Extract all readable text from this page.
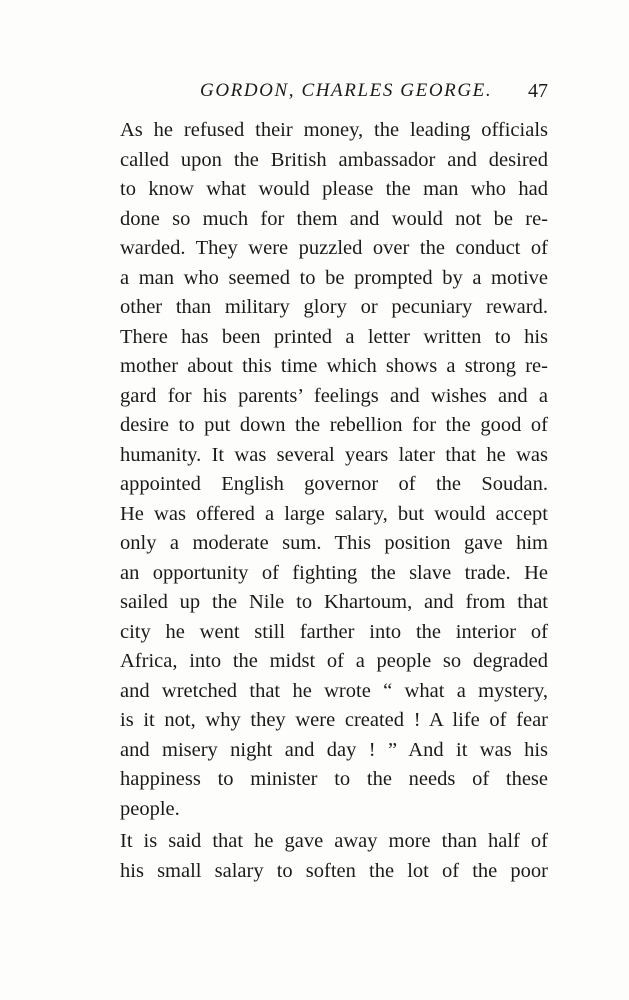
GORDON, CHARLES GEORGE. 47
As he refused their money, the leading officials
called upon the British ambassador and desired
to know what would please the man who had
done so much for them and would not be re-
warded. They were puzzled over the conduct of
a man who seemed to be prompted by a motive
other than military glory or pecuniary reward.
There has been printed a letter written to his
mother about this time which shows a strong re-
gard for his parents’ feelings and wishes and a
desire to put down the rebellion for the good of
humanity. It was several years later that he was
appointed English governor of the Soudan.
He was offered a large salary, but would accept
only a moderate sum. This position gave him
an opportunity of fighting the slave trade. He
sailed up the Nile to Khartoum, and from that
city he went still farther into the interior of
Africa, into the midst of a people so degraded
and wretched that he wrote “ what a mystery,
is it not, why they were created ! A life of fear
and misery night and day ! ” And it was his
happiness to minister to the needs of these
people.
It is said that he gave away more than half of
his small salary to soften the lot of the poor
